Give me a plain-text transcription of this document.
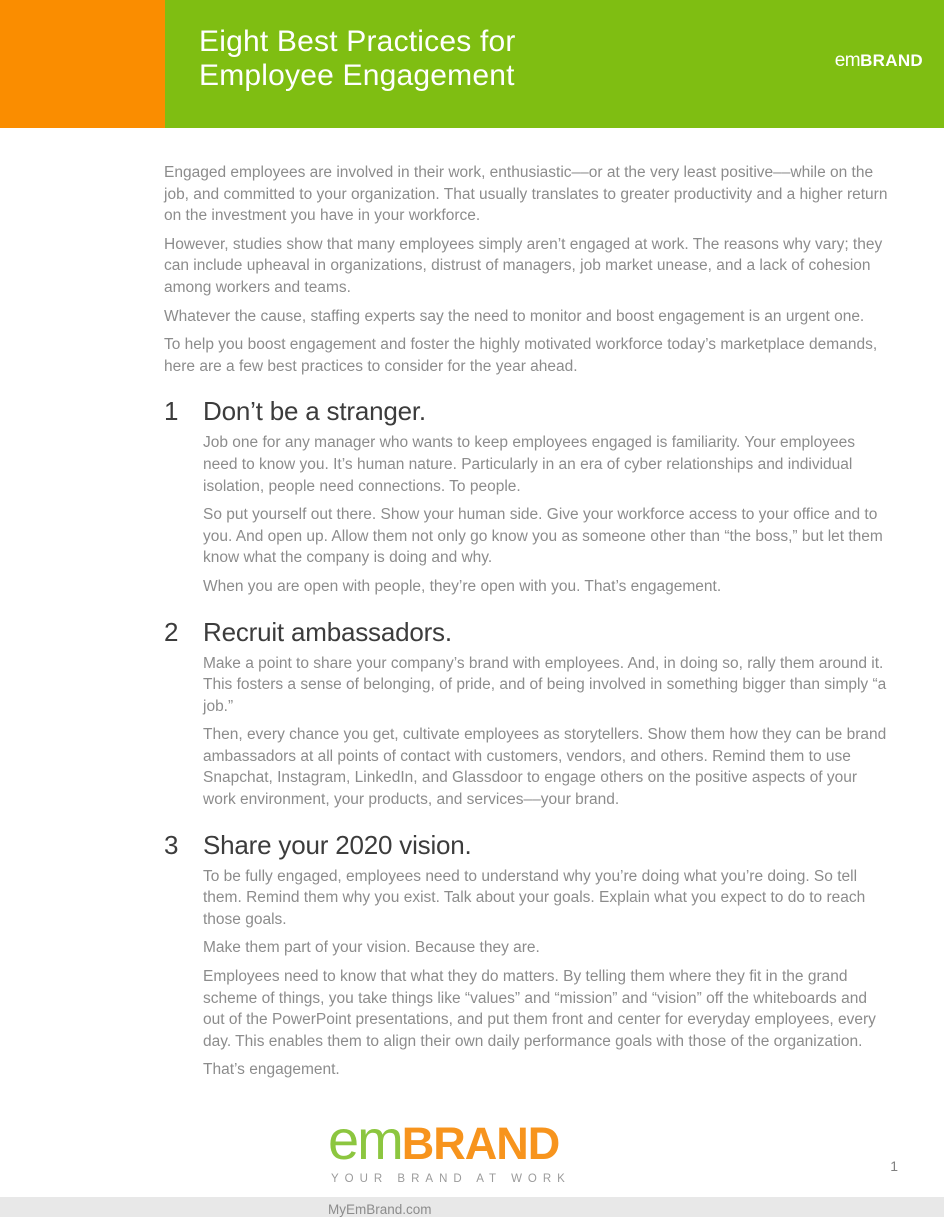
Eight Best Practices for
Employee Engagement	emBRAND

Engaged employees are involved in their work, enthusiastic––or at the very least positive––while on the job, and committed to your organization. That usually translates to greater productivity and a higher return on the investment you have in your workforce.

However, studies show that many employees simply aren’t engaged at work. The reasons why vary; they can include upheaval in organizations, distrust of managers, job market unease, and a lack of cohesion among workers and teams.

Whatever the cause, staffing experts say the need to monitor and boost engagement is an urgent one.

To help you boost engagement and foster the highly motivated workforce today’s marketplace demands, here are a few best practices to consider for the year ahead.

1 Don’t be a stranger.

Job one for any manager who wants to keep employees engaged is familiarity. Your employees need to know you. It’s human nature. Particularly in an era of cyber relationships and individual isolation, people need connections. To people.

So put yourself out there. Show your human side. Give your workforce access to your office and to you. And open up. Allow them not only go know you as someone other than “the boss,” but let them know what the company is doing and why.

When you are open with people, they’re open with you. That’s engagement.

2 Recruit ambassadors.

Make a point to share your company’s brand with employees. And, in doing so, rally them around it. This fosters a sense of belonging, of pride, and of being involved in something bigger than simply “a job.”

Then, every chance you get, cultivate employees as storytellers. Show them how they can be brand ambassadors at all points of contact with customers, vendors, and others. Remind them to use Snapchat, Instagram, LinkedIn, and Glassdoor to engage others on the positive aspects of your work environment, your products, and services––your brand.

3 Share your 2020 vision.

To be fully engaged, employees need to understand why you’re doing what you’re doing. So tell them. Remind them why you exist. Talk about your goals. Explain what you expect to do to reach those goals.

Make them part of your vision. Because they are.

Employees need to know that what they do matters. By telling them where they fit in the grand scheme of things, you take things like “values” and “mission” and “vision” off the whiteboards and out of the PowerPoint presentations, and put them front and center for everyday employees, every day. This enables them to align their own daily performance goals with those of the organization.

That’s engagement.

emBRAND
YOUR BRAND AT WORK
MyEmBrand.com
1
